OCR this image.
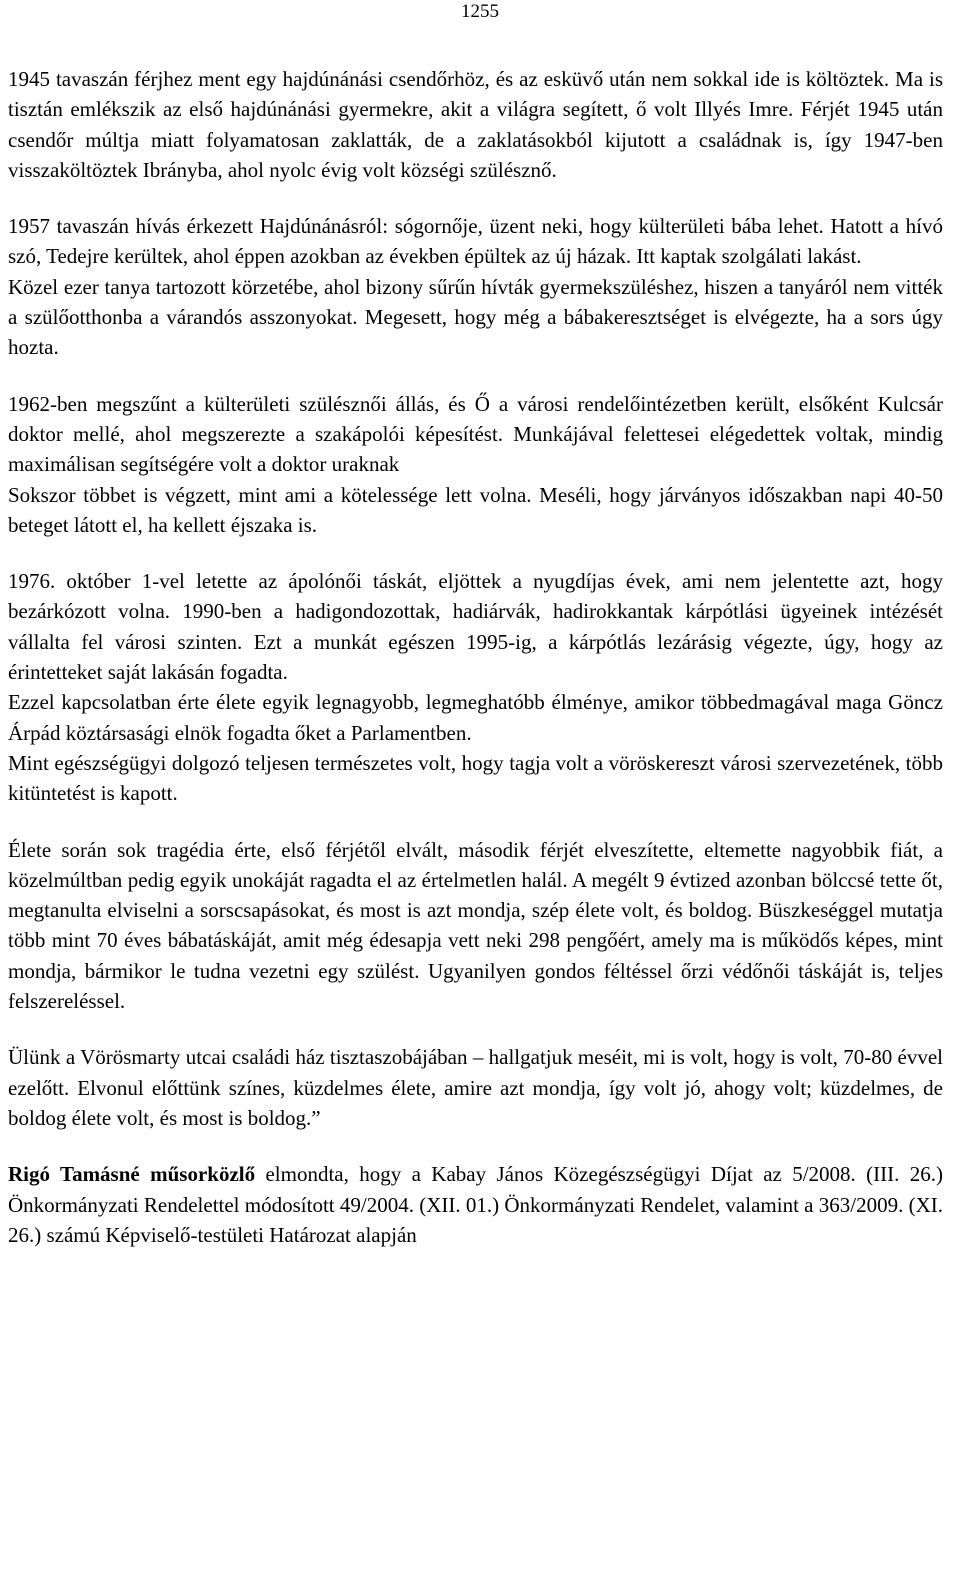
1255

1945 tavaszán férjhez ment egy hajdúnánási csendőrhöz, és az esküvő után nem sokkal ide is költöztek. Ma is tisztán emlékszik az első hajdúnánási gyermekre, akit a világra segített, ő volt Illyés Imre. Férjét 1945 után csendőr múltja miatt folyamatosan zaklatták, de a zaklatásokból kijutott a családnak is, így 1947-ben visszaköltöztek Ibrányba, ahol nyolc évig volt községi szülésznő.

1957 tavaszán hívás érkezett Hajdúnánásról: sógornője, üzent neki, hogy külterületi bába lehet. Hatott a hívó szó, Tedejre kerültek, ahol éppen azokban az években épültek az új házak. Itt kaptak szolgálati lakást.

Közel ezer tanya tartozott körzetébe, ahol bizony sűrűn hívták gyermekszüléshez, hiszen a tanyáról nem vitték a szülőotthonba a várandós asszonyokat. Megesett, hogy még a bábakeresztséget is elvégezte, ha a sors úgy hozta.

1962-ben megszűnt a külterületi szülésznői állás, és Ő a városi rendelőintézetben került, elsőként Kulcsár doktor mellé, ahol megszerezte a szakápolói képesítést. Munkájával felettesei elégedettek voltak, mindig maximálisan segítségére volt a doktor uraknak

Sokszor többet is végzett, mint ami a kötelessége lett volna. Meséli, hogy járványos időszakban napi 40-50 beteget látott el, ha kellett éjszaka is.

1976. október 1-vel letette az ápolónői táskát, eljöttek a nyugdíjas évek, ami nem jelentette azt, hogy bezárkózott volna. 1990-ben a hadigondozottak, hadiárvák, hadirokkantak kárpótlási ügyeinek intézését vállalta fel városi szinten. Ezt a munkát egészen 1995-ig, a kárpótlás lezárásig végezte, úgy, hogy az érintetteket saját lakásán fogadta.

Ezzel kapcsolatban érte élete egyik legnagyobb, legmeghatóbb élménye, amikor többedmagával maga Göncz Árpád köztársasági elnök fogadta őket a Parlamentben.

Mint egészségügyi dolgozó teljesen természetes volt, hogy tagja volt a vöröskereszt városi szervezetének, több kitüntetést is kapott.

Élete során sok tragédia érte, első férjétől elvált, második férjét elveszítette, eltemette nagyobbik fiát, a közelmúltban pedig egyik unokáját ragadta el az értelmetlen halál. A megélt 9 évtized azonban bölccsé tette őt, megtanulta elviselni a sorscsapásokat, és most is azt mondja, szép élete volt, és boldog. Büszkeséggel mutatja több mint 70 éves bábatáskáját, amit még édesapja vett neki 298 pengőért, amely ma is működős képes, mint mondja, bármikor le tudna vezetni egy szülést. Ugyanilyen gondos féltéssel őrzi védőnői táskáját is, teljes felszereléssel.

Ülünk a Vörösmarty utcai családi ház tisztaszobájában – hallgatjuk meséit, mi is volt, hogy is volt, 70-80 évvel ezelőtt. Elvonul előttünk színes, küzdelmes élete, amire azt mondja, így volt jó, ahogy volt; küzdelmes, de boldog élete volt, és most is boldog.”

Rigó Tamásné műsorközlő elmondta, hogy a Kabay János Közegészségügyi Díjat az 5/2008. (III. 26.) Önkormányzati Rendelettel módosított 49/2004. (XII. 01.) Önkormányzati Rendelet, valamint a 363/2009. (XI. 26.) számú Képviselő-testületi Határozat alapján
